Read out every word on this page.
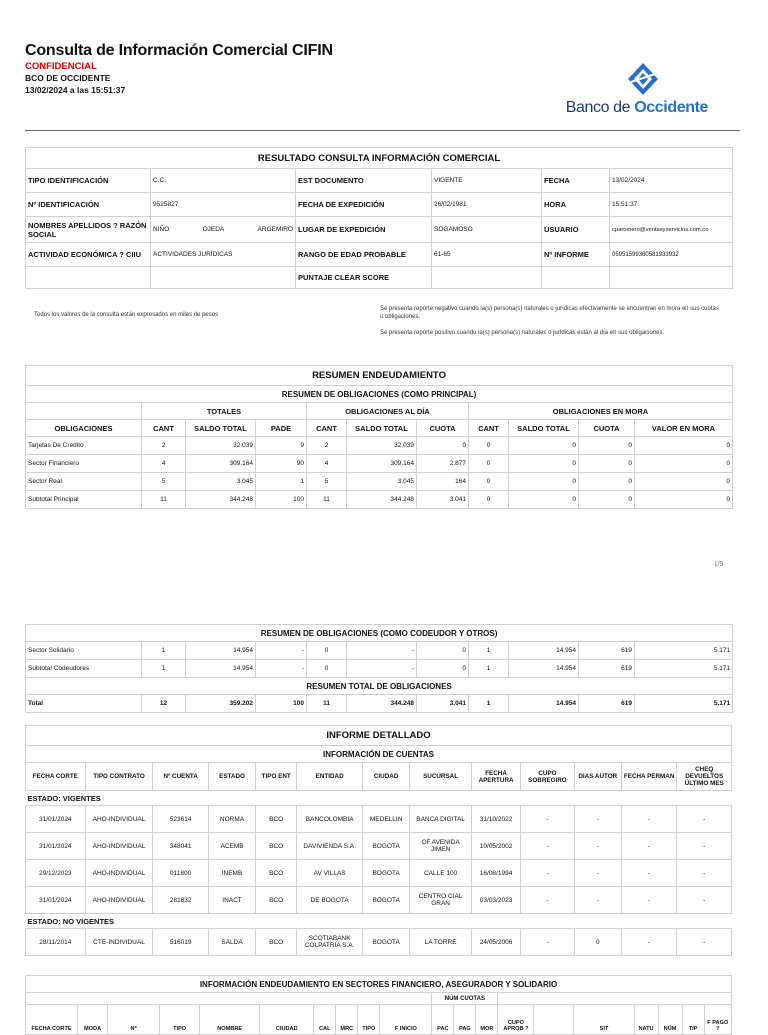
Consulta de Información Comercial CIFIN
CONFIDENCIAL
BCO DE OCCIDENTE
13/02/2024 a las 15:51:37
Banco de Occidente
RESULTADO CONSULTA INFORMACIÓN COMERCIAL					
TIPO IDENTIFICACIÓN	C.C.	EST DOCUMENTO	VIGENTE	FECHA	13/02/2024
Nº IDENTIFICACIÓN	9525827	FECHA DE EXPEDICIÓN	26/02/1981	HORA	15:51:37
NOMBRES APELLIDOS ? RAZÓN SOCIAL	NIÑO OJEDA ARGEMIRO	LUGAR DE EXPEDICIÓN	SOGAMOSO	USUARIO	cparomero@ventasyservicios.com.co
ACTIVIDAD ECONÓMICA ? CIIU	ACTIVIDADES JURÍDICAS	RANGO DE EDAD PROBABLE	61-65	Nº INFORME	0595159936058193393​2
		PUNTAJE CLEAR SCORE			
Todos los valores de la consulta están expresados en miles de pesos
Se presenta reporte negativo cuando la(s) persona(s) naturales o jurídicas efectivamente se encuentran en mora en sus cuotas u obligaciones.
Se presenta reporte positivo cuando la(s) persona(s) naturales o jurídicas están al día en sus obligaciones.
RESUMEN ENDEUDAMIENTO										
RESUMEN DE OBLIGACIONES (COMO PRINCIPAL)										
	TOTALES			OBLIGACIONES AL DÍA			OBLIGACIONES EN MORA			
OBLIGACIONES	CANT	SALDO TOTAL	PADE	CANT	SALDO TOTAL	CUOTA	CANT	SALDO TOTAL	CUOTA	VALOR EN MORA
Tarjetas De Credito	2	32.039	9	2	32.039	0	0	0	0	0
Sector Financiero	4	309.164	90	4	309.164	2.877	0	0	0	0
Sector Real	5	3.045	1	5	3.045	164	0	0	0	0
Subtotal Principal	11	344.248	100	11	344.248	3.041	0	0	0	0
1/9
RESUMEN DE OBLIGACIONES (COMO CODEUDOR Y OTROS)										
Sector Solidario	1	14.954	-	0	-	0	1	14.954	619	5.171
Subtotal Codeudores	1	14.954	-	0	-	0	1	14.954	619	5.171
RESUMEN TOTAL DE OBLIGACIONES										
Total	12	359.202	100	11	344.248	3.041	1	14.954	619	5.171
INFORME DETALLADO												
INFORMACIÓN DE CUENTAS												
FECHA CORTE	TIPO CONTRATO	Nº CUENTA	ESTADO	TIPO ENT	ENTIDAD	CIUDAD	SUCURSAL	FECHA APERTURA	CUPO SOBREGIRO	DIAS AUTOR	FECHA PERMAN	CHEQ DEVUELTOS ÚLTIMO MES
ESTADO: VIGENTES												
31/01/2024	AHO-INDIVIDUAL	523614	NORMA	BCO	BANCOLOMBIA	MEDELLIN	BANCA DIGITAL	31/10/2022	-	-	-	-
31/01/2024	AHO-INDIVIDUAL	348041	ACEMB	BCO	DAVIVIENDA S.A.	BOGOTA	OF.AVENIDA JIMEN	10/05/2002	-	-	-	-
29/12/2023	AHO-INDIVIDUAL	011800	INEMB	BCO	AV VILLAS	BOGOTA	CALLE 100	16/08/1994	-	-	-	-
31/01/2024	AHO-INDIVIDUAL	281832	INACT	BCO	DE BOGOTA	BOGOTA	CENTRO CIAL GRAN	03/03/2023	-	-	-	-
ESTADO: NO VIGENTES												
28/11/2014	CTE-INDIVIDUAL	516019	SALDA	BCO	SCOTIABANK COLPATRIA S.A.	BOGOTA	LA TORRE	24/05/2006	-	0	-	-
INFORMACIÓN ENDEUDAMIENTO EN SECTORES FINANCIERO, ASEGURADOR Y SOLIDARIO																			
										NÚM CUOTAS									
FECHA CORTE	MODA	Nº	TIPO	NOMBRE	CIUDAD	CAL	MRC	TIPO	F INICIO	PAC	PAG	MOR	CUPO APROB ?		SIT	NATU	NÚM	TIP	F PAGO ?
